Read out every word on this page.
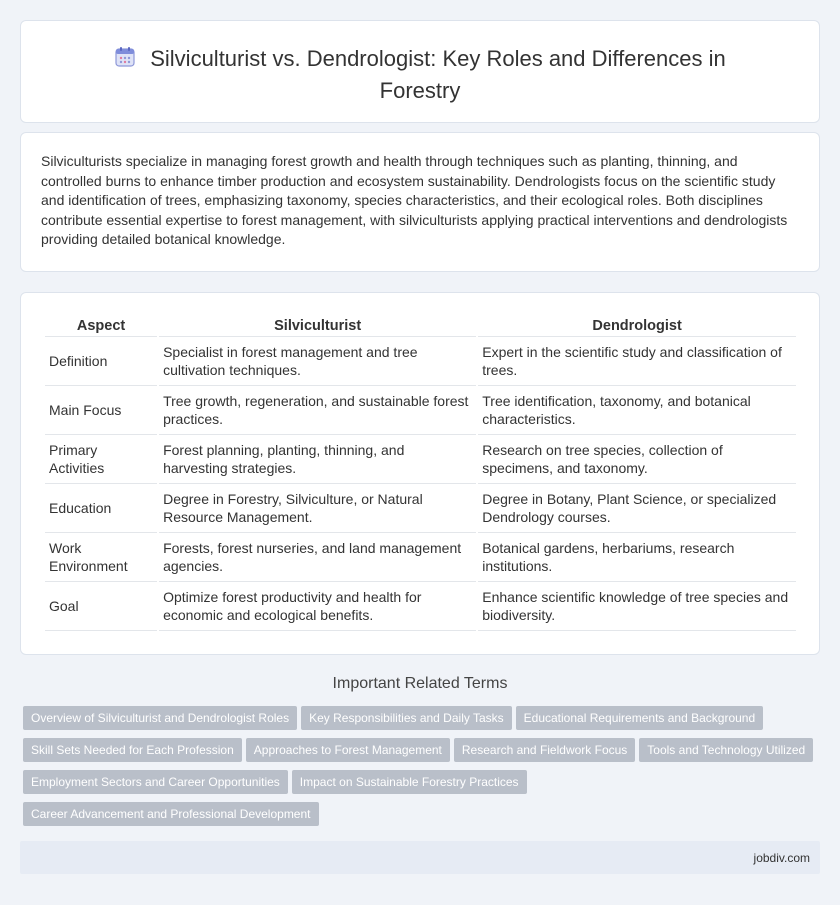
Silviculturist vs. Dendrologist: Key Roles and Differences in Forestry

Silviculturists specialize in managing forest growth and health through techniques such as planting, thinning, and controlled burns to enhance timber production and ecosystem sustainability. Dendrologists focus on the scientific study and identification of trees, emphasizing taxonomy, species characteristics, and their ecological roles. Both disciplines contribute essential expertise to forest management, with silviculturists applying practical interventions and dendrologists providing detailed botanical knowledge.

Aspect	Silviculturist	Dendrologist
Definition	Specialist in forest management and tree cultivation techniques.	Expert in the scientific study and classification of trees.
Main Focus	Tree growth, regeneration, and sustainable forest practices.	Tree identification, taxonomy, and botanical characteristics.
Primary Activities	Forest planning, planting, thinning, and harvesting strategies.	Research on tree species, collection of specimens, and taxonomy.
Education	Degree in Forestry, Silviculture, or Natural Resource Management.	Degree in Botany, Plant Science, or specialized Dendrology courses.
Work Environment	Forests, forest nurseries, and land management agencies.	Botanical gardens, herbariums, research institutions.
Goal	Optimize forest productivity and health for economic and ecological benefits.	Enhance scientific knowledge of tree species and biodiversity.
Important Related Terms
Overview of Silviculturist and Dendrologist Roles Key Responsibilities and Daily Tasks Educational Requirements and Background
Skill Sets Needed for Each Profession Approaches to Forest Management Research and Fieldwork Focus Tools and Technology Utilized
Employment Sectors and Career Opportunities Impact on Sustainable Forestry Practices
Career Advancement and Professional Development
jobdiv.com
